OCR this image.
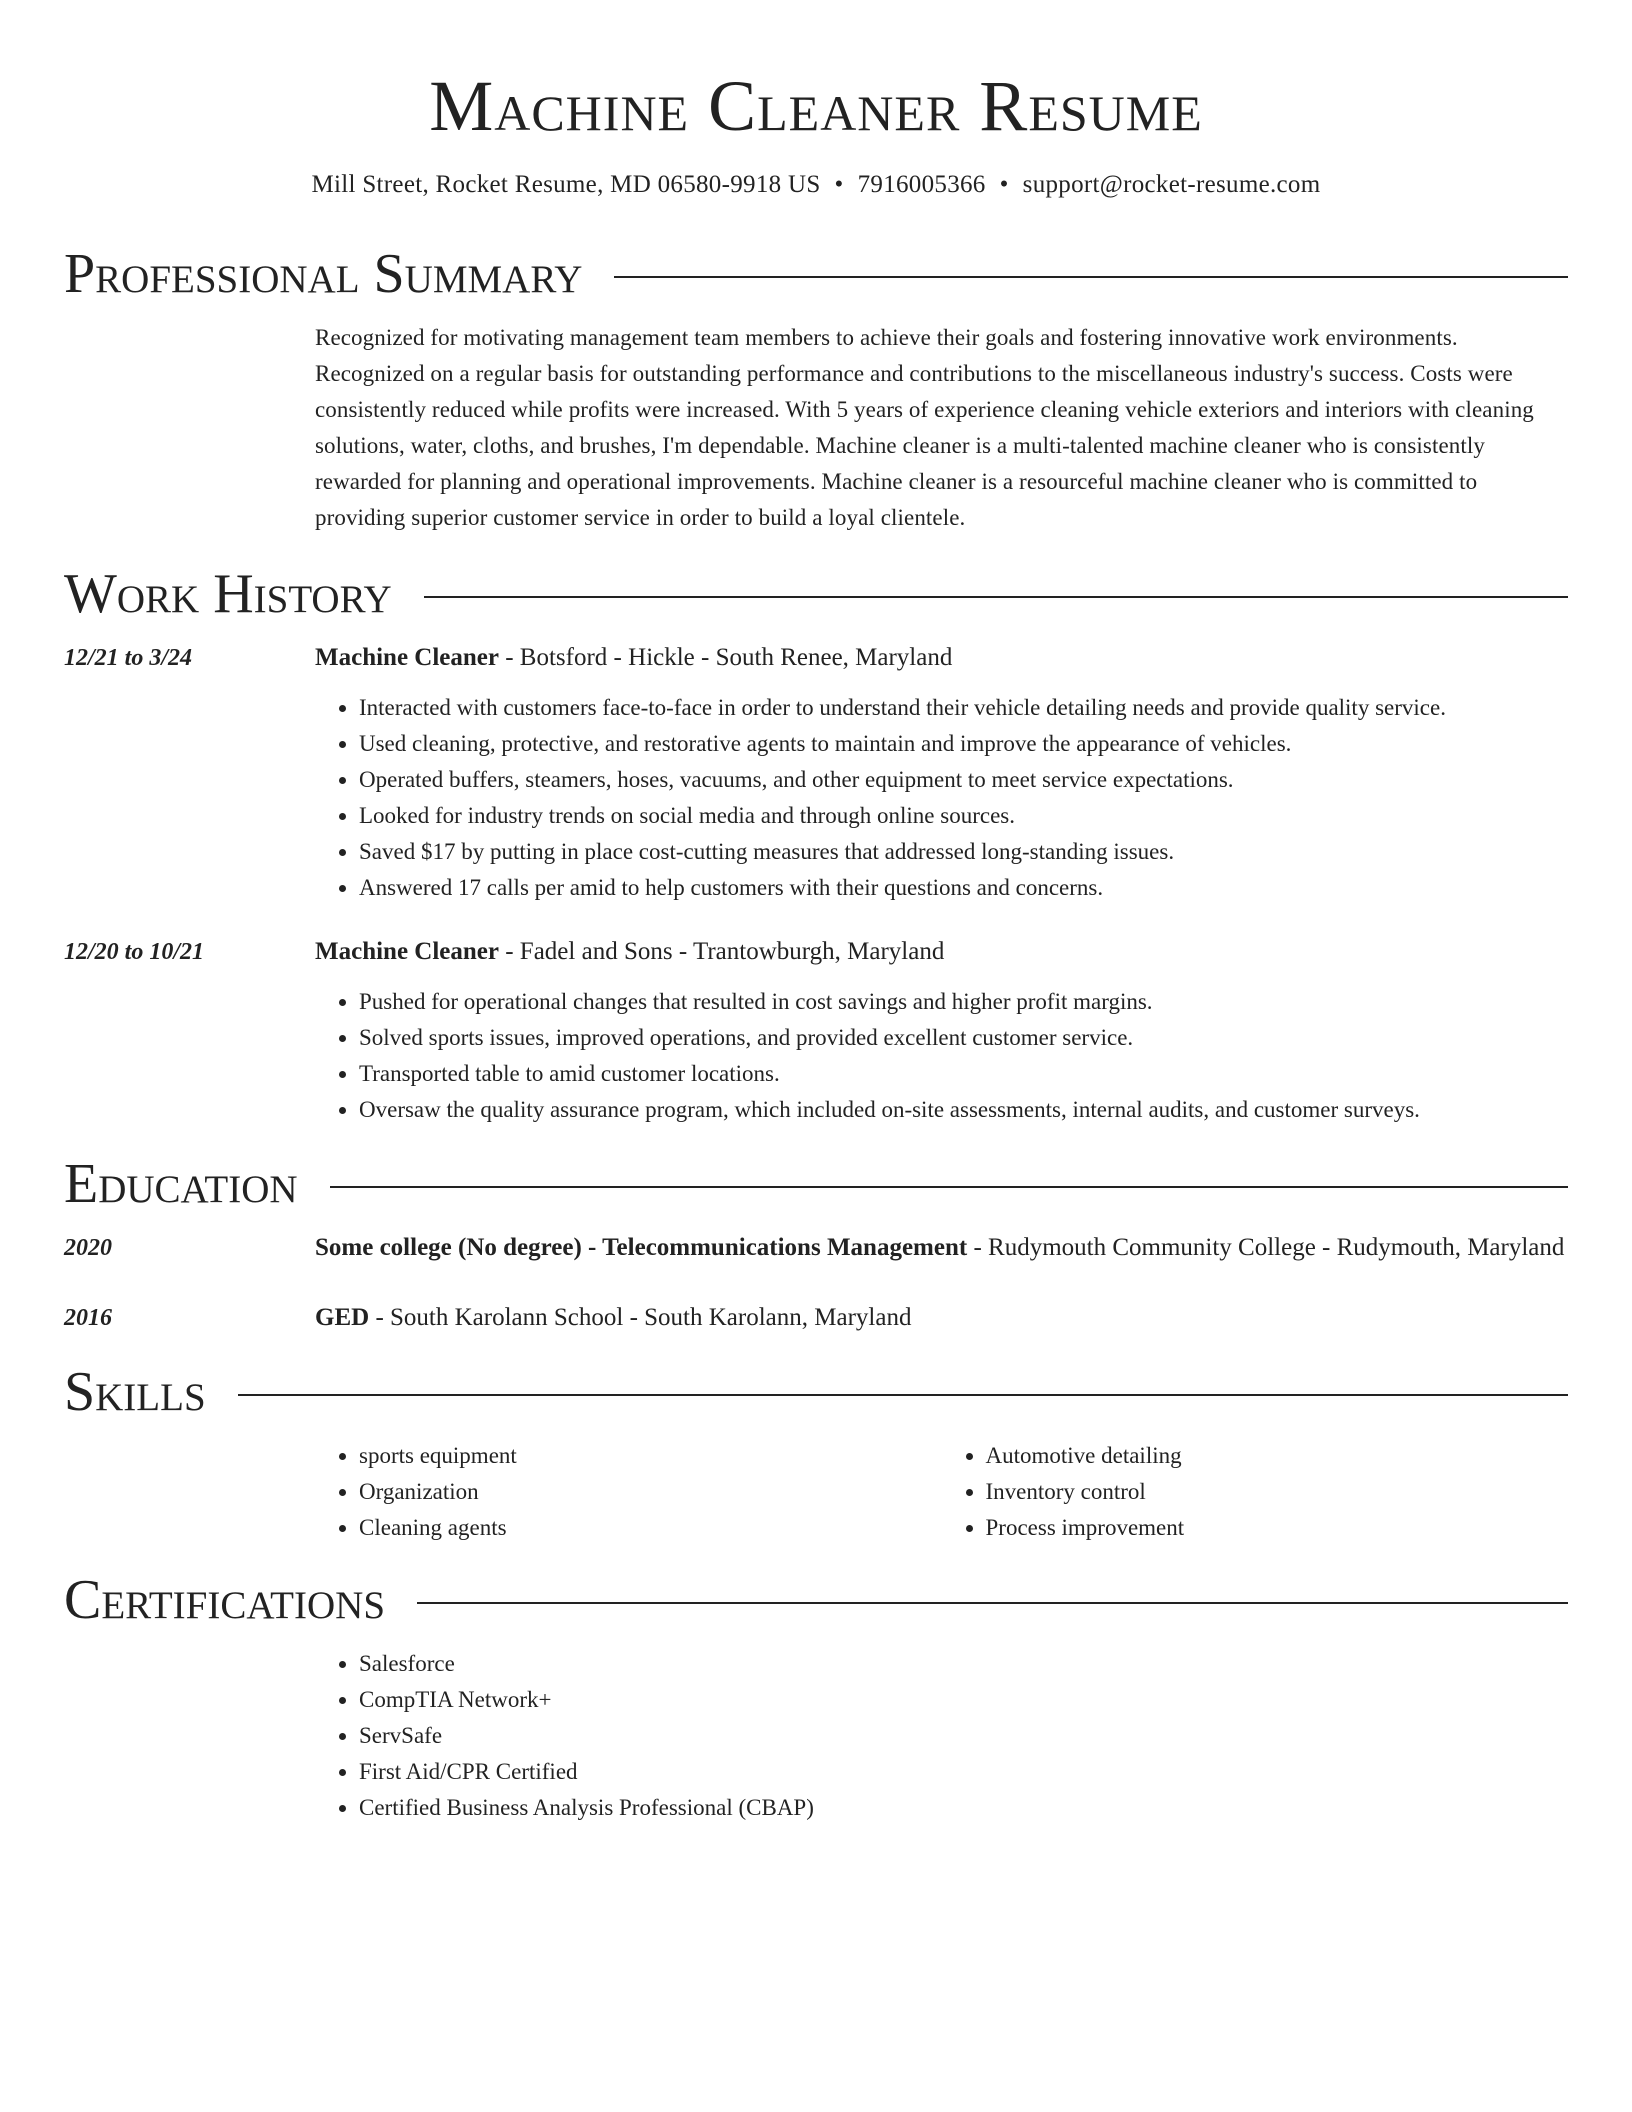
Machine Cleaner Resume
Mill Street, Rocket Resume, MD 06580-9918 US • 7916005366 • support@rocket-resume.com
Professional Summary
Recognized for motivating management team members to achieve their goals and fostering innovative work environments. Recognized on a regular basis for outstanding performance and contributions to the miscellaneous industry's success. Costs were consistently reduced while profits were increased. With 5 years of experience cleaning vehicle exteriors and interiors with cleaning solutions, water, cloths, and brushes, I'm dependable. Machine cleaner is a multi-talented machine cleaner who is consistently rewarded for planning and operational improvements. Machine cleaner is a resourceful machine cleaner who is committed to providing superior customer service in order to build a loyal clientele.
Work History
12/21 to 3/24	Machine Cleaner - Botsford - Hickle - South Renee, Maryland
• Interacted with customers face-to-face in order to understand their vehicle detailing needs and provide quality service.
• Used cleaning, protective, and restorative agents to maintain and improve the appearance of vehicles.
• Operated buffers, steamers, hoses, vacuums, and other equipment to meet service expectations.
• Looked for industry trends on social media and through online sources.
• Saved $17 by putting in place cost-cutting measures that addressed long-standing issues.
• Answered 17 calls per amid to help customers with their questions and concerns.
12/20 to 10/21	Machine Cleaner - Fadel and Sons - Trantowburgh, Maryland
• Pushed for operational changes that resulted in cost savings and higher profit margins.
• Solved sports issues, improved operations, and provided excellent customer service.
• Transported table to amid customer locations.
• Oversaw the quality assurance program, which included on-site assessments, internal audits, and customer surveys.
Education
2020	Some college (No degree) - Telecommunications Management - Rudymouth Community College - Rudymouth, Maryland
2016	GED - South Karolann School - South Karolann, Maryland
Skills
• sports equipment
• Organization
• Cleaning agents
• Automotive detailing
• Inventory control
• Process improvement
Certifications
• Salesforce
• CompTIA Network+
• ServSafe
• First Aid/CPR Certified
• Certified Business Analysis Professional (CBAP)
